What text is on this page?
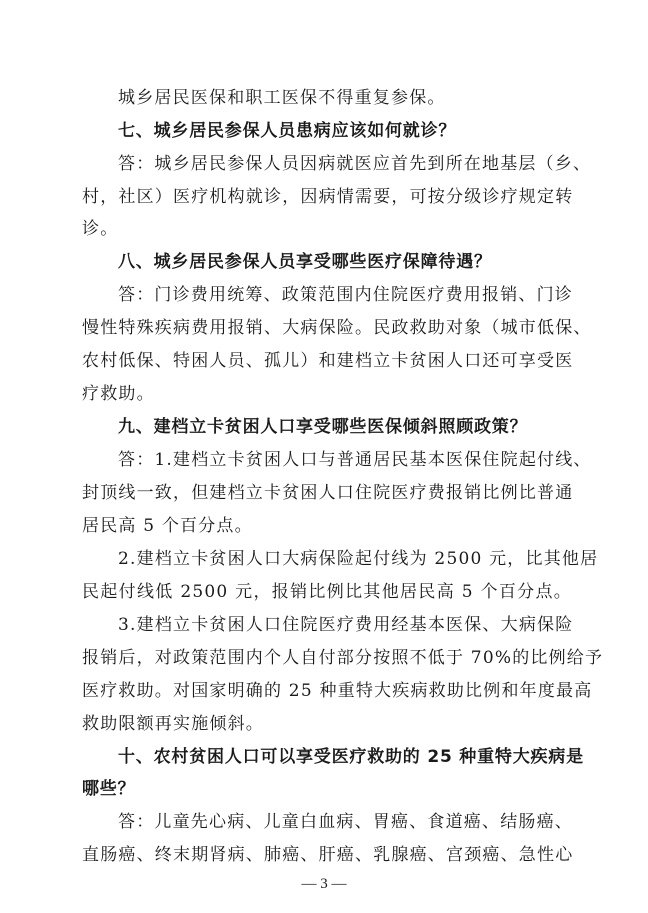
城乡居民医保和职工医保不得重复参保。
七、城乡居民参保人员患病应该如何就诊？
答：城乡居民参保人员因病就医应首先到所在地基层（乡、
村，社区）医疗机构就诊，因病情需要，可按分级诊疗规定转
诊。
八、城乡居民参保人员享受哪些医疗保障待遇？
答：门诊费用统筹、政策范围内住院医疗费用报销、门诊
慢性特殊疾病费用报销、大病保险。民政救助对象（城市低保、
农村低保、特困人员、孤儿）和建档立卡贫困人口还可享受医
疗救助。
九、建档立卡贫困人口享受哪些医保倾斜照顾政策？
答：1.建档立卡贫困人口与普通居民基本医保住院起付线、
封顶线一致，但建档立卡贫困人口住院医疗费报销比例比普通
居民高 5 个百分点。
2.建档立卡贫困人口大病保险起付线为 2500 元，比其他居
民起付线低 2500 元，报销比例比其他居民高 5 个百分点。
3.建档立卡贫困人口住院医疗费用经基本医保、大病保险
报销后，对政策范围内个人自付部分按照不低于 70%的比例给予
医疗救助。对国家明确的 25 种重特大疾病救助比例和年度最高
救助限额再实施倾斜。
十、农村贫困人口可以享受医疗救助的 25 种重特大疾病是
哪些？
答：儿童先心病、儿童白血病、胃癌、食道癌、结肠癌、
直肠癌、终末期肾病、肺癌、肝癌、乳腺癌、宫颈癌、急性心
— 3 —
